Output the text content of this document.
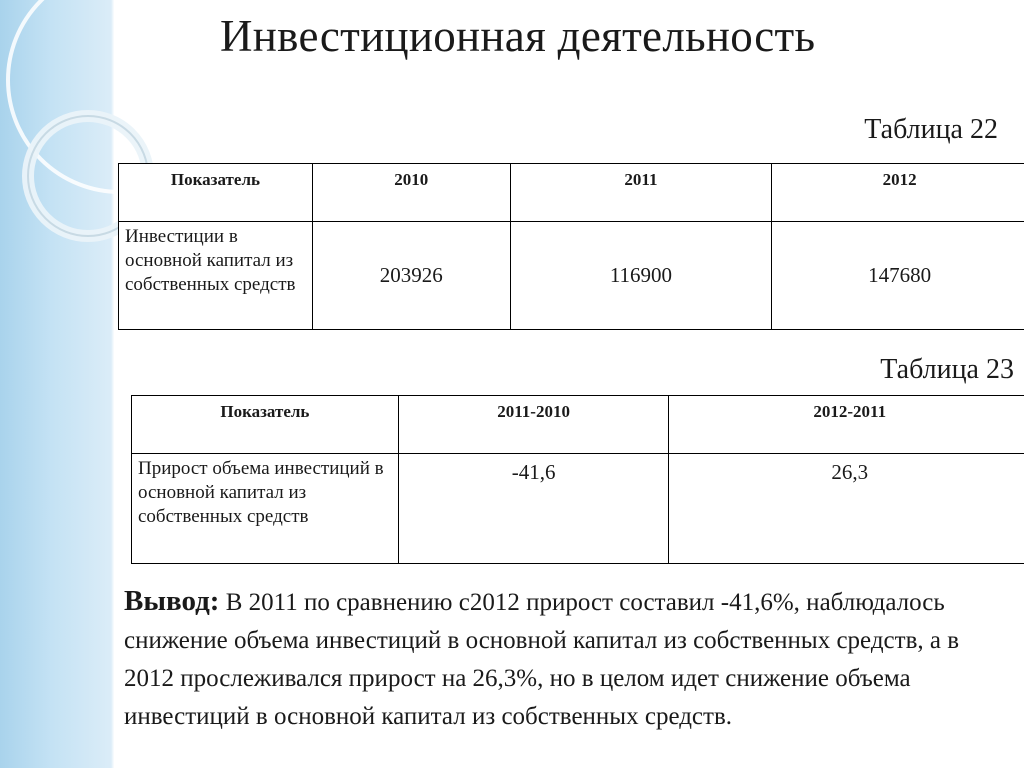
Инвестиционная деятельность
Таблица 22
Показатель	2010	2011	2012
Инвестиции в основной капитал из собственных средств	203926	116900	147680
Таблица 23
Показатель	2011-2010	2012-2011
Прирост объема инвестиций в основной капитал из собственных средств	-41,6	26,3

Вывод: В 2011 по сравнению с2012 прирост составил -41,6%, наблюдалось снижение объема инвестиций в основной капитал из собственных средств, а в 2012 прослеживался прирост на 26,3%, но в целом идет снижение объема инвестиций в основной капитал из собственных средств.
